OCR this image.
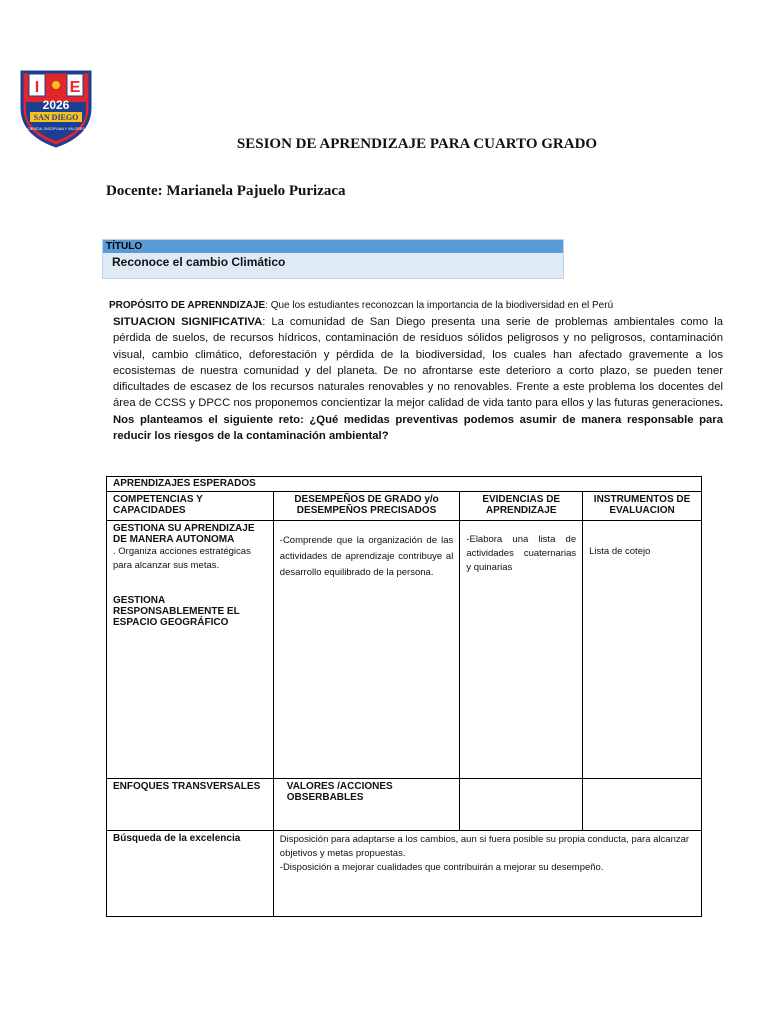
I E
2026
SAN DIEGO
CIENCIA, DISCIPLINA Y VALORES
SESION DE APRENDIZAJE PARA CUARTO GRADO
Docente: Marianela Pajuelo Purizaca
TÍTULO
Reconoce el cambio Climático
PROPÓSITO DE APRENNDIZAJE: Que los estudiantes reconozcan la importancia de la biodiversidad en el Perú
SITUACION SIGNIFICATIVA: La comunidad de San Diego presenta una serie de problemas ambientales como la pérdida de suelos, de recursos hídricos, contaminación de residuos sólidos peligrosos y no peligrosos, contaminación visual, cambio climático, deforestación y pérdida de la biodiversidad, los cuales han afectado gravemente a los ecosistemas de nuestra comunidad y del planeta. De no afrontarse este deterioro a corto plazo, se pueden tener dificultades de escasez de los recursos naturales renovables y no renovables. Frente a este problema los docentes del área de CCSS y DPCC nos proponemos concientizar la mejor calidad de vida tanto para ellos y las futuras generaciones. Nos planteamos el siguiente reto: ¿Qué medidas preventivas podemos asumir de manera responsable para reducir los riesgos de la contaminación ambiental?
APRENDIZAJES ESPERADOS			
COMPETENCIAS Y CAPACIDADES	DESEMPEÑOS DE GRADO y/o DESEMPEÑOS PRECISADOS	EVIDENCIAS DE APRENDIZAJE	INSTRUMENTOS DE EVALUACION

GESTIONA SU APRENDIZAJE DE MANERA AUTONOMA
. Organiza acciones estratégicas para alcanzar sus metas.
GESTIONA RESPONSABLEMENTE EL ESPACIO GEOGRÁFICO	-Comprende que la organización de las actividades de aprendizaje contribuye al desarrollo equilibrado de la persona.	-Elabora una lista de actividades cuaternarias y quinarias	Lista de cotejo
ENFOQUES TRANSVERSALES	VALORES /ACCIONES OBSERBABLES		
Búsqueda de la excelencia	Disposición para adaptarse a los cambios, aun si fuera posible su propia conducta, para alcanzar objetivos y metas propuestas.
-Disposición a mejorar cualidades que contribuirán a mejorar su desempeño.		
